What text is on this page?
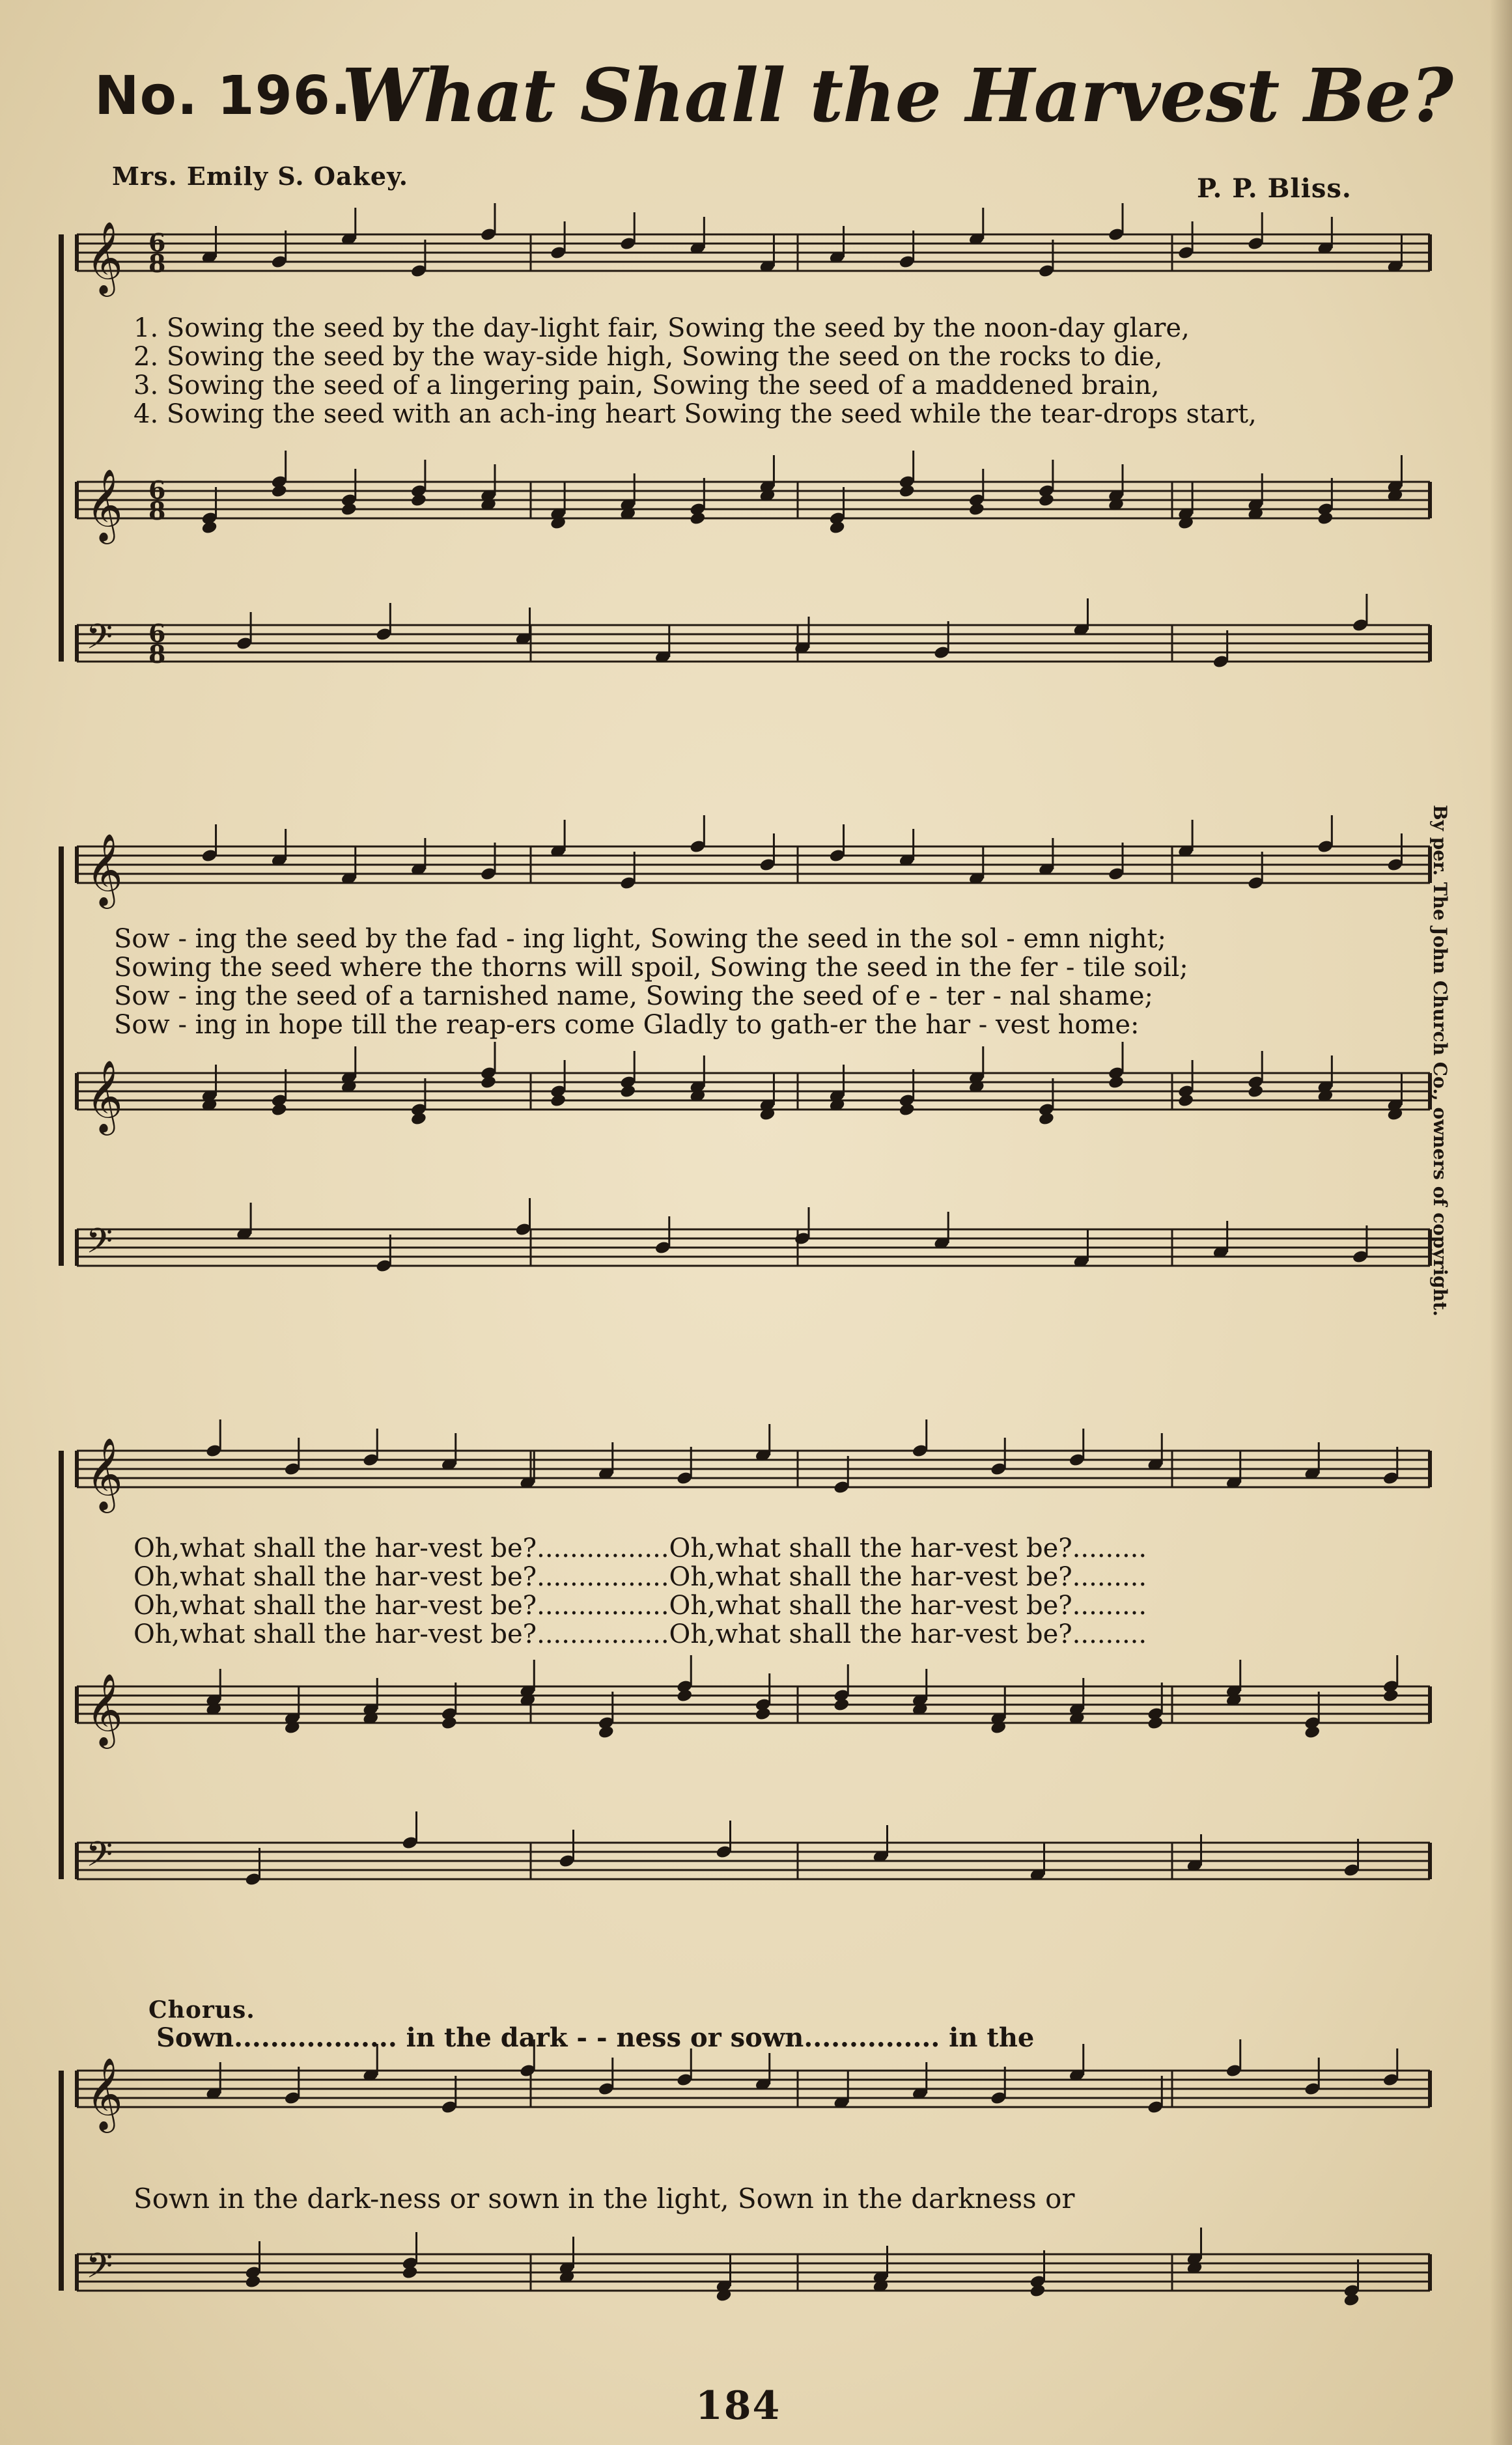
No. 196.
What Shall the Harvest Be?
Mrs. Emily S. Oakey.	P. P. Bliss.
𝄞
𝄞
𝄢
6
8
6
8
6
8
𝄞
𝄞
𝄢
𝄞
𝄞
𝄢
𝄞
𝄢
1. Sowing the seed by the day-light fair, Sowing the seed by the noon-day glare,
2. Sowing the seed by the way-side high, Sowing the seed on the rocks to die,
3. Sowing the seed of a lingering pain, Sowing the seed of a maddened brain,
4. Sowing the seed with an ach-ing heart Sowing the seed while the tear-drops start,
Sow - ing the seed by the fad - ing light, Sowing the seed in the sol - emn night;
Sowing the seed where the thorns will spoil, Sowing the seed in the fer - tile soil;
Sow - ing the seed of a tarnished name, Sowing the seed of e - ter - nal shame;
Sow - ing in hope till the reap-ers come Gladly to gath-er the har - vest home:
Oh,what shall the har-vest be?................Oh,what shall the har-vest be?.........
Oh,what shall the har-vest be?................Oh,what shall the har-vest be?.........
Oh,what shall the har-vest be?................Oh,what shall the har-vest be?.........
Oh,what shall the har-vest be?................Oh,what shall the har-vest be?.........
Chorus.
Sown.................. in the dark - - ness or sown............... in the
Sown in the dark-ness or sown in the light, Sown in the darkness or
By per. The John Church Co., owners of copyright.
184
